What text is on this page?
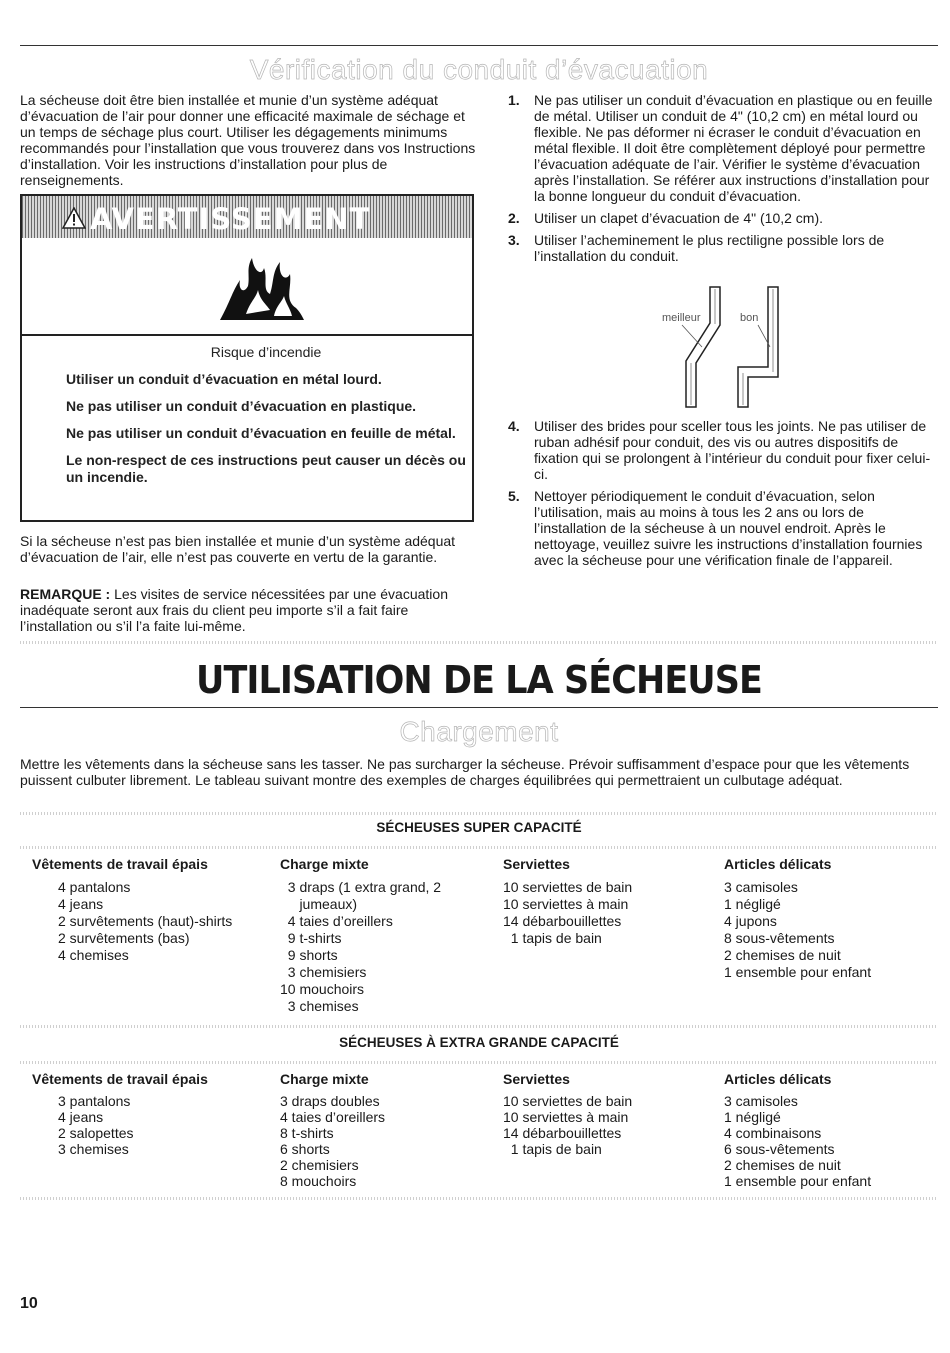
Vérification du conduit d’évacuation

La sécheuse doit être bien installée et munie d’un système adéquat d’évacuation de l’air pour donner une efficacité maximale de séchage et un temps de séchage plus court. Utiliser les dégagements minimums recommandés pour l’installation que vous trouverez dans vos Instructions d’installation. Voir les instructions d’installation pour plus de renseignements.

AVERTISSEMENT

Risque d’incendie

Utiliser un conduit d’évacuation en métal lourd.

Ne pas utiliser un conduit d’évacuation en plastique.

Ne pas utiliser un conduit d’évacuation en feuille de métal.

Le non-respect de ces instructions peut causer un décès ou un incendie.

Si la sécheuse n’est pas bien installée et munie d’un système adéquat d’évacuation de l’air, elle n’est pas couverte en vertu de la garantie.

REMARQUE : Les visites de service nécessitées par une évacuation inadéquate seront aux frais du client peu importe s’il a fait faire l’installation ou s’il l’a faite lui-même.

1. Ne pas utiliser un conduit d’évacuation en plastique ou en feuille de métal. Utiliser un conduit de 4" (10,2 cm) en métal lourd ou flexible. Ne pas déformer ni écraser le conduit d’évacuation en métal flexible. Il doit être complètement déployé pour permettre l’évacuation adéquate de l’air. Vérifier le système d’évacuation après l’installation. Se référer aux instructions d’installation pour la bonne longueur du conduit d’évacuation.
2. Utiliser un clapet d’évacuation de 4" (10,2 cm).
3. Utiliser l’acheminement le plus rectiligne possible lors de l’installation du conduit.
meilleur	bon
4. Utiliser des brides pour sceller tous les joints. Ne pas utiliser de ruban adhésif pour conduit, des vis ou autres dispositifs de fixation qui se prolongent à l’intérieur du conduit pour fixer celui-ci.
5. Nettoyer périodiquement le conduit d’évacuation, selon l’utilisation, mais au moins à tous les 2 ans ou lors de l’installation de la sécheuse à un nouvel endroit. Après le nettoyage, veuillez suivre les instructions d’installation fournies avec la sécheuse pour une vérification finale de l’appareil.
UTILISATION DE LA SÉCHEUSE
Chargement

Mettre les vêtements dans la sécheuse sans les tasser. Ne pas surcharger la sécheuse. Prévoir suffisamment d’espace pour que les vêtements puissent culbuter librement. Le tableau suivant montre des exemples de charges équilibrées qui permettraient un culbutage adéquat.

SÉCHEUSES SUPER CAPACITÉ
Vêtements de travail épais
4 pantalons
4 jeans
2 survêtements (haut)-shirts
2 survêtements (bas)
4 chemises
Charge mixte
3 draps (1 extra grand, 2
jumeaux)
4 taies d’oreillers
9 t-shirts
9 shorts
3 chemisiers
10 mouchoirs
3 chemises
Serviettes
10 serviettes de bain
10 serviettes à main
14 débarbouillettes
1 tapis de bain
Articles délicats
3 camisoles
1 négligé
4 jupons
8 sous-vêtements
2 chemises de nuit
1 ensemble pour enfant
SÉCHEUSES À EXTRA GRANDE CAPACITÉ
Vêtements de travail épais
3 pantalons
4 jeans
2 salopettes
3 chemises
Charge mixte
3 draps doubles
4 taies d’oreillers
8 t-shirts
6 shorts
2 chemisiers
8 mouchoirs
Serviettes
10 serviettes de bain
10 serviettes à main
14 débarbouillettes
1 tapis de bain
Articles délicats
3 camisoles
1 négligé
4 combinaisons
6 sous-vêtements
2 chemises de nuit
1 ensemble pour enfant
10
